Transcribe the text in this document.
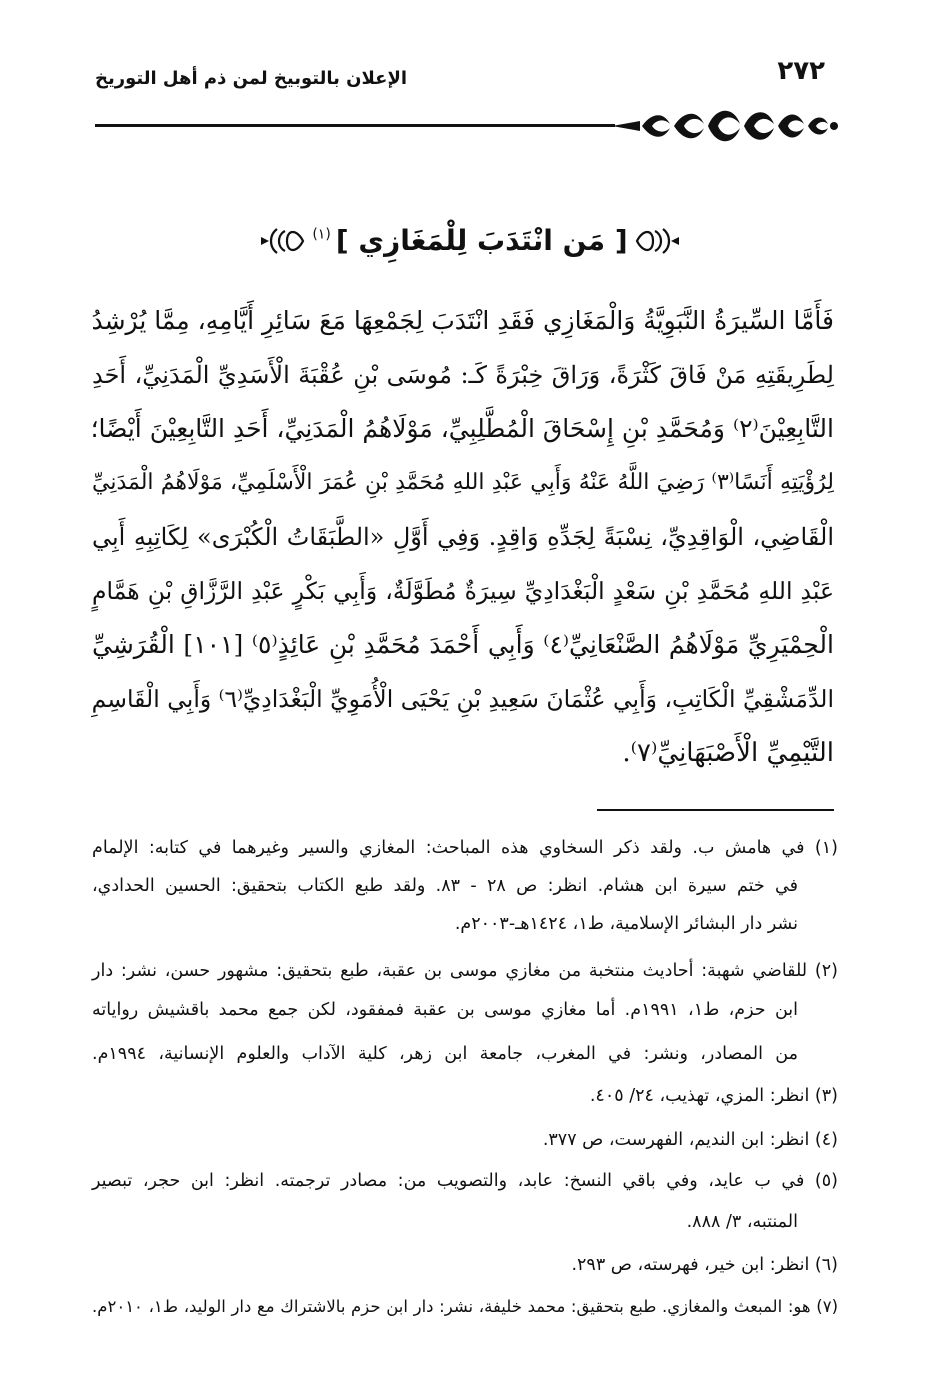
الإعلان بالتوبيخ لمن ذم أهل التوريخ	٢٧٢
[ مَن انْتَدَبَ لِلْمَغَازِي ] (١)
فَأَمَّا السِّيرَةُ النَّبَوِيَّةُ وَالْمَغَازِي فَقَدِ انْتَدَبَ لِجَمْعِهَا مَعَ سَائِرِ أَيَّامِهِ، مِمَّا يُرْشِدُ
لِطَرِيقَتِهِ مَنْ فَاقَ كَثْرَةً، وَرَاقَ خِبْرَةً كَـ: مُوسَى بْنِ عُقْبَةَ الْأَسَدِيِّ الْمَدَنِيِّ، أَحَدِ
التَّابِعِيْنَ⁽٢⁾ وَمُحَمَّدِ بْنِ إِسْحَاقَ الْمُطَّلِبِيِّ، مَوْلَاهُمُ الْمَدَنِيِّ، أَحَدِ التَّابِعِيْنَ أَيْضًا؛
لِرُؤْيَتِهِ أَنَسًا⁽٣⁾ رَضِيَ اللَّهُ عَنْهُ وَأَبِي عَبْدِ اللهِ مُحَمَّدِ بْنِ عُمَرَ الْأَسْلَمِيِّ، مَوْلَاهُمُ الْمَدَنِيِّ
الْقَاضِي، الْوَاقِدِيِّ، نِسْبَةً لِجَدِّهِ وَاقِدٍ. وَفِي أَوَّلِ «الطَّبَقَاتُ الْكُبْرَى» لِكَاتِبِهِ أَبِي
عَبْدِ اللهِ مُحَمَّدِ بْنِ سَعْدٍ الْبَغْدَادِيِّ سِيرَةٌ مُطَوَّلَةٌ، وَأَبِي بَكْرٍ عَبْدِ الرَّزَّاقِ بْنِ هَمَّامٍ
الْحِمْيَرِيِّ مَوْلَاهُمُ الصَّنْعَانِيِّ⁽٤⁾ وَأَبِي أَحْمَدَ مُحَمَّدِ بْنِ عَائِذٍ⁽٥⁾ [١٠١] الْقُرَشِيِّ
الدِّمَشْقِيِّ الْكَاتِبِ، وَأَبِي عُثْمَانَ سَعِيدِ بْنِ يَحْيَى الْأُمَوِيِّ الْبَغْدَادِيِّ⁽٦⁾ وَأَبِي الْقَاسِمِ
التَّيْمِيِّ الْأَصْبَهَانِيِّ⁽٧⁾.
(١) في هامش ب. ولقد ذكر السخاوي هذه المباحث: المغازي والسير وغيرهما في كتابه: الإلمام
في ختم سيرة ابن هشام. انظر: ص ٢٨ - ٨٣. ولقد طبع الكتاب بتحقيق: الحسين الحدادي،
نشر دار البشائر الإسلامية، ط١، ١٤٢٤هـ-٢٠٠٣م.
(٢) للقاضي شهبة: أحاديث منتخبة من مغازي موسى بن عقبة، طبع بتحقيق: مشهور حسن، نشر: دار
ابن حزم، ط١، ١٩٩١م. أما مغازي موسى بن عقبة فمفقود، لكن جمع محمد باقشيش رواياته
من المصادر، ونشر: في المغرب، جامعة ابن زهر، كلية الآداب والعلوم الإنسانية، ١٩٩٤م.
(٣) انظر: المزي، تهذيب، ٢٤/ ٤٠٥.
(٤) انظر: ابن النديم، الفهرست، ص ٣٧٧.
(٥) في ب عايد، وفي باقي النسخ: عابد، والتصويب من: مصادر ترجمته. انظر: ابن حجر، تبصير
المنتبه، ٣/ ٨٨٨.
(٦) انظر: ابن خير، فهرسته، ص ٢٩٣.
(٧) هو: المبعث والمغازي. طبع بتحقيق: محمد خليفة، نشر: دار ابن حزم بالاشتراك مع دار الوليد، ط١، ٢٠١٠م.
